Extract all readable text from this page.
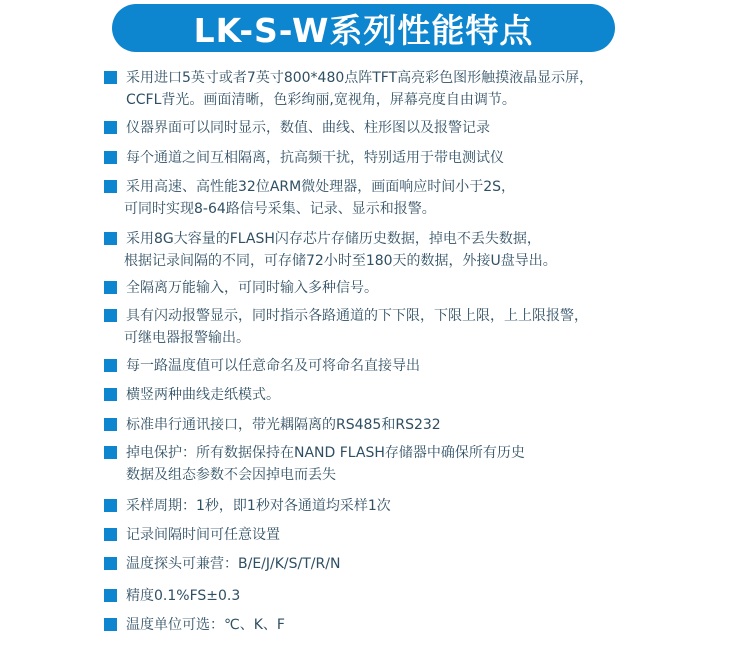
LK-S-W系列性能特点
采用进口5英寸或者7英寸800*480点阵TFT高亮彩色图形触摸液晶显示屏，
CCFL背光。画面清晰，色彩绚丽,宽视角，屏幕亮度自由调节。
仪器界面可以同时显示，数值、曲线、柱形图以及报警记录
每个通道之间互相隔离，抗高频干扰，特别适用于带电测试仪
采用高速、高性能32位ARM微处理器，画面响应时间小于2S，
可同时实现8-64路信号采集、记录、显示和报警。
采用8G大容量的FLASH闪存芯片存储历史数据，掉电不丢失数据，
根据记录间隔的不同，可存储72小时至180天的数据，外接U盘导出。
全隔离万能输入，可同时输入多种信号。
具有闪动报警显示，同时指示各路通道的下下限，下限上限，上上限报警，
可继电器报警输出。
每一路温度值可以任意命名及可将命名直接导出
横竖两种曲线走纸模式。
标准串行通讯接口，带光耦隔离的RS485和RS232
掉电保护：所有数据保持在NAND FLASH存储器中确保所有历史
数据及组态参数不会因掉电而丢失
采样周期：1秒，即1秒对各通道均采样1次
记录间隔时间可任意设置
温度探头可兼营：B/E/J/K/S/T/R/N
精度0.1%FS±0.3
温度单位可选：℃、K、F
